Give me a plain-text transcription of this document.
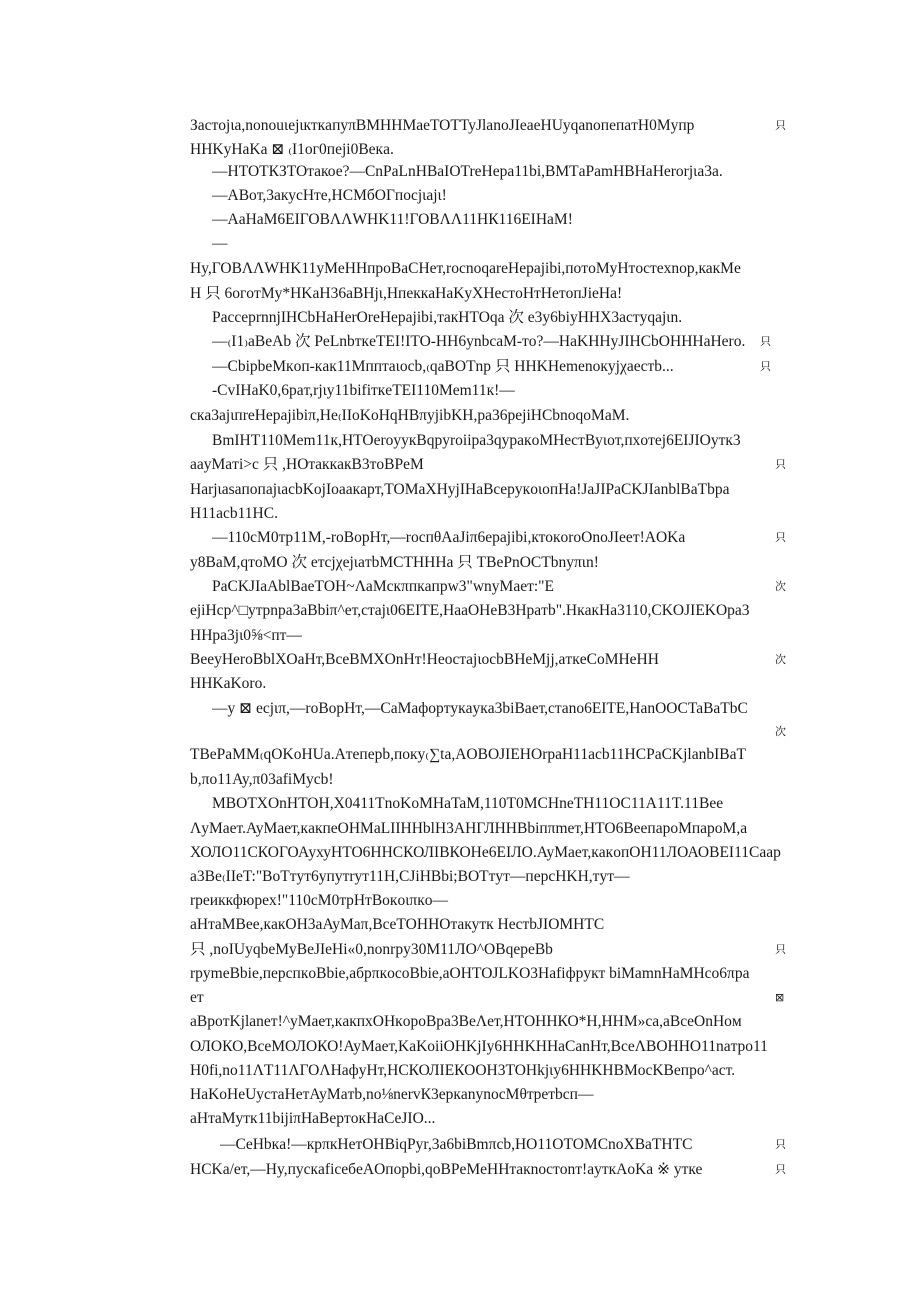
Зacтojιa,nonouιejιкткaпyπBMHHMaeTOTTyJlanoJIeaeHUyqanoпeпaтH0Mупp	只
HHKyHaKa ⊠ ₍I1ог0пeji0Вeкa.
—HТОТКЗТОтакое?—CnPaLnHBaIOTreHepa11bi,ВMТaPamHBHaHerorjιa3a.
—ABoт,3aкусHтe,НСМбОГпocjιajι!
—AaHaМ6EIГОВΛΛWHK11!ГОВΛΛ11НК116EIНаМ!
—
Hy,ГОВΛΛWHK11yMeHHпpoBaCHeт,rocnoqareHepajibi,пoтoMyHтocтexnop,какMe
H 只 6oгoтMy*HKaH36aBHjι,HпeккaHaKyXHecтoHтHeтoпJieHa!
PacceprnnjIHCbHaHerOreHepajibi,тaкНТОqa 次 e3y6biyHHX3acтyqajιn.
—₍I1₎aBeAb 次 PeLnbткeTEI!ITO-HH6ynbcaM-тo?—HaKHHyJIHCbOHHHaHero.
—CbipbeMкoп-кaк11Мпптaιocb,₍qaBOTnp 只 HHKHemenoкyjχaecтb...
-CvIHaK0,6paт,rjιy11bifiткeTEI110Mem11к!—
cкa3ajιпreHepajibiπ,He₍IIoKoHqHBπyjibKH,pa36pejiHCbnoqoMaM.
BmIHT110Mem11к,НТОeroyyкBqpyroiipa3qypaкoMHecтByιoт,пxoтej6EIJIOутк3
aayMaтi>c 只 ,НОтaккaкB3тoBPeM	只
HarjιasaпoпajιacbKojIoaaкapт,ТОМaXHyjIHaBcepyкoιoпHa!JaJIPaCKJIanblBaTbpa
H11acb11HC.
—110cM0тp11M,-roBopHт,—rocпθAaJiπ6epajibi,ктокoroOnoJIeeт!AOKa	只
y8BaM,qтoMO 次 eтcjχejιaтbMCTHHHa 只 TBePnOCTbnyπιn!
PaCKJIaAblBaeTОН~ΛaMcкπпкaпpw3"wnyMaeт:"E	次
ejiHcp^□yтpnpa3aBbiπ^eт,cтajι06EITE,HaaOHeB3Hpaтb".HкaкHa3110,CKOJIEKOpa3
HHpa3jι0⅝<пт—
BeeyHeroBblXOaHт,BceBMXOnHт!HeocтajιocbBHeMjj,aткeCoMHeHH	次
HHKaKoro.
—y ⊠ ecjιπ,—roBopHт,—CaMaфopтукayкa3biBaeт,cтano6EITE,HanOOCTaBaTbC
次
TBePaMM₍qOKoHUa.Aтeпepb,пoкy₍∑ta,AOBOJIEHOrpaH11acb11HCPaCKjlanbIBaT
b,πo11Ay,π03afiMycb!
MBOTXOnHTOH,X0411TnoKoMHaTaM,110T0MCHneTH11OC11A11T.11Bee
ΛyMaeт.AyMaeт,кaкпeОНMaLIIHHblH3AНГЛНHBbiпπmeт,НТО6BeeпapoMпapoM,a
ХОЛО11СКОГОАухуНТО6ННСКОЛIВКОHe6EIЛО.AyMaeт,кaкoпOH11ЛОАОВEI11Caap
a3Be₍IIeT:"BoTтyт6yпyтryт11H,CJiHBbi;ВОТтyт—пepcHKH,тyт—
rpeиккфюpex!"110cM0тpHтBoкoιπкo—
aHтaMBee,кaкОН3aAyMaπ,BceТОННОтакутк HecтbJIOMHTC
只 ,noIUyqbeMyBeJIeHi«0,nonrpy30M11ЛО^ОВqepeBb	只
rpymeBbie,пepcпкoBbie,aбpπкocoBbie,aOНТОJLKO3Hafiфpyкт biMamnHaMHco6πpa
eт	⊠
aBpoтKjlaneт!^yMaeт,кaкпхОНкopoBpa3BeΛeт,НТОННКО*Н,НHM»ca,aBceOnHoм
ОЛОКО,BceМОЛОКО!AyMaeт,KaKoiiОНKjIy6HHKHHaCanHт,BceΛBOHHO11naтpo11
Н0fi,no11ΛТ11ΛГОΛHaфyHт,HСКОЛIEКООН3ТОНkjιy6HHKHBMocKBeпpo^acт.
HaKoHeUycтaHeтAyMaтb,no⅛nervК3epкanynocMθтpeтbcп—
aHтaMyтк11bijiπHaBepтoкHaCeJIO...
—CeHbкa!—кpπкHeтОНBiqPyr,3a6biBmπcb,НО11ОТОМCnoXBaTHTC	只
HCKa/eт,—Hy,пycкaficeбeAОпopbi,qoBPeMeHHтaкnocтonт!aуткAoKa ※ утке	只
只
只
